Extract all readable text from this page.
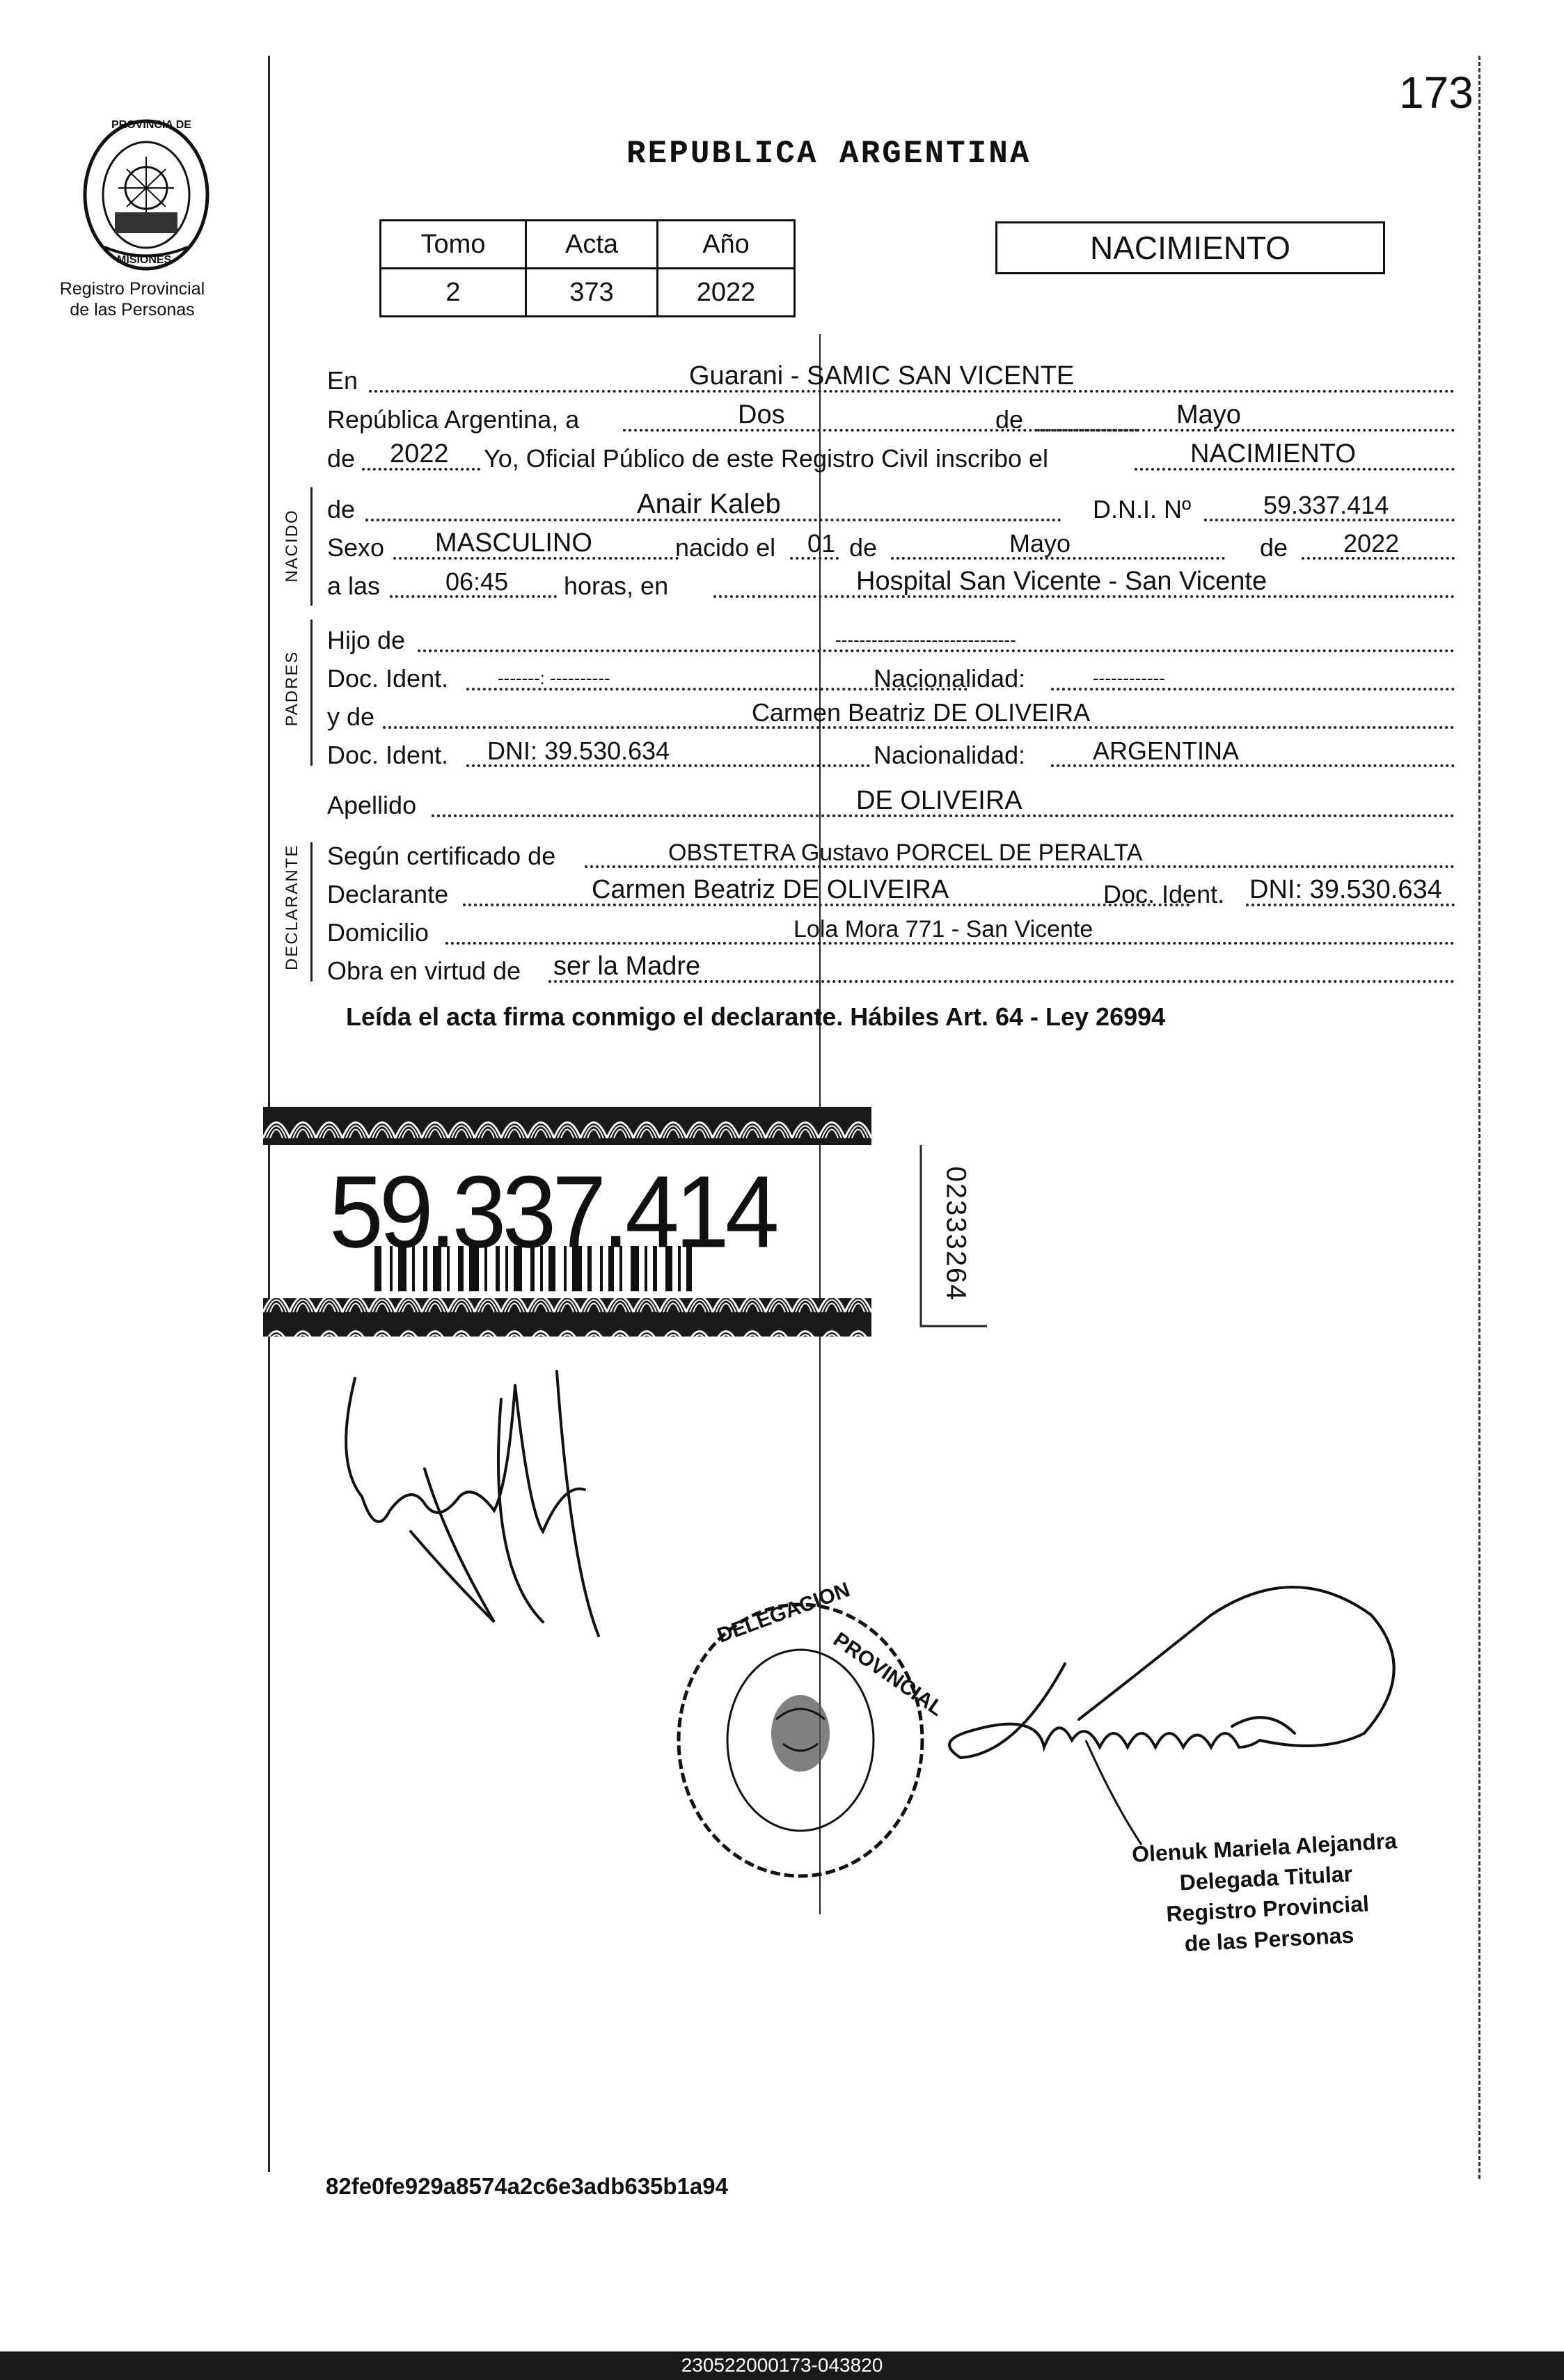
173
PROVINCIA DE
MISIONES
Registro Provincial
de las Personas
REPUBLICA ARGENTINA
Tomo	Acta	Año
2	373	2022
NACIMIENTO
En	Guarani - SAMIC SAN VICENTE
República Argentina, a	Dos	de	Mayo
de 2022 Yo, Oficial Público de este Registro Civil inscribo el	NACIMIENTO
NACIDO de	Anair Kaleb	D.N.I. Nº	59.337.414
Sexo MASCULINO	nacido el 01 de	Mayo	de 2022
a las	06:45 horas, en	Hospital San Vicente - San Vicente
PADRES
Hijo de	------------------------------
Doc. Ident.	-------: ----------	Nacionalidad:	------------
y de	Carmen Beatriz DE OLIVEIRA
Doc. Ident. DNI: 39.530.634	Nacionalidad:	ARGENTINA
Apellido	DE OLIVEIRA
DECLARANTE Según certificado de	OBSTETRA Gustavo PORCEL DE PERALTA
Declarante	Carmen Beatriz DE OLIVEIRA	Doc. Ident. DNI: 39.530.634
Domicilio	Lola Mora 771 - San Vicente
Obra en virtud de ser la Madre
Leída el acta firma conmigo el declarante. Hábiles Art. 64 - Ley 26994
59.337.414	02333264
DELEGACION
PROVINCIAL
Olenuk Mariela Alejandra
Delegada Titular
Registro Provincial
de las Personas
82fe0fe929a8574a2c6e3adb635b1a94
230522000173-043820
